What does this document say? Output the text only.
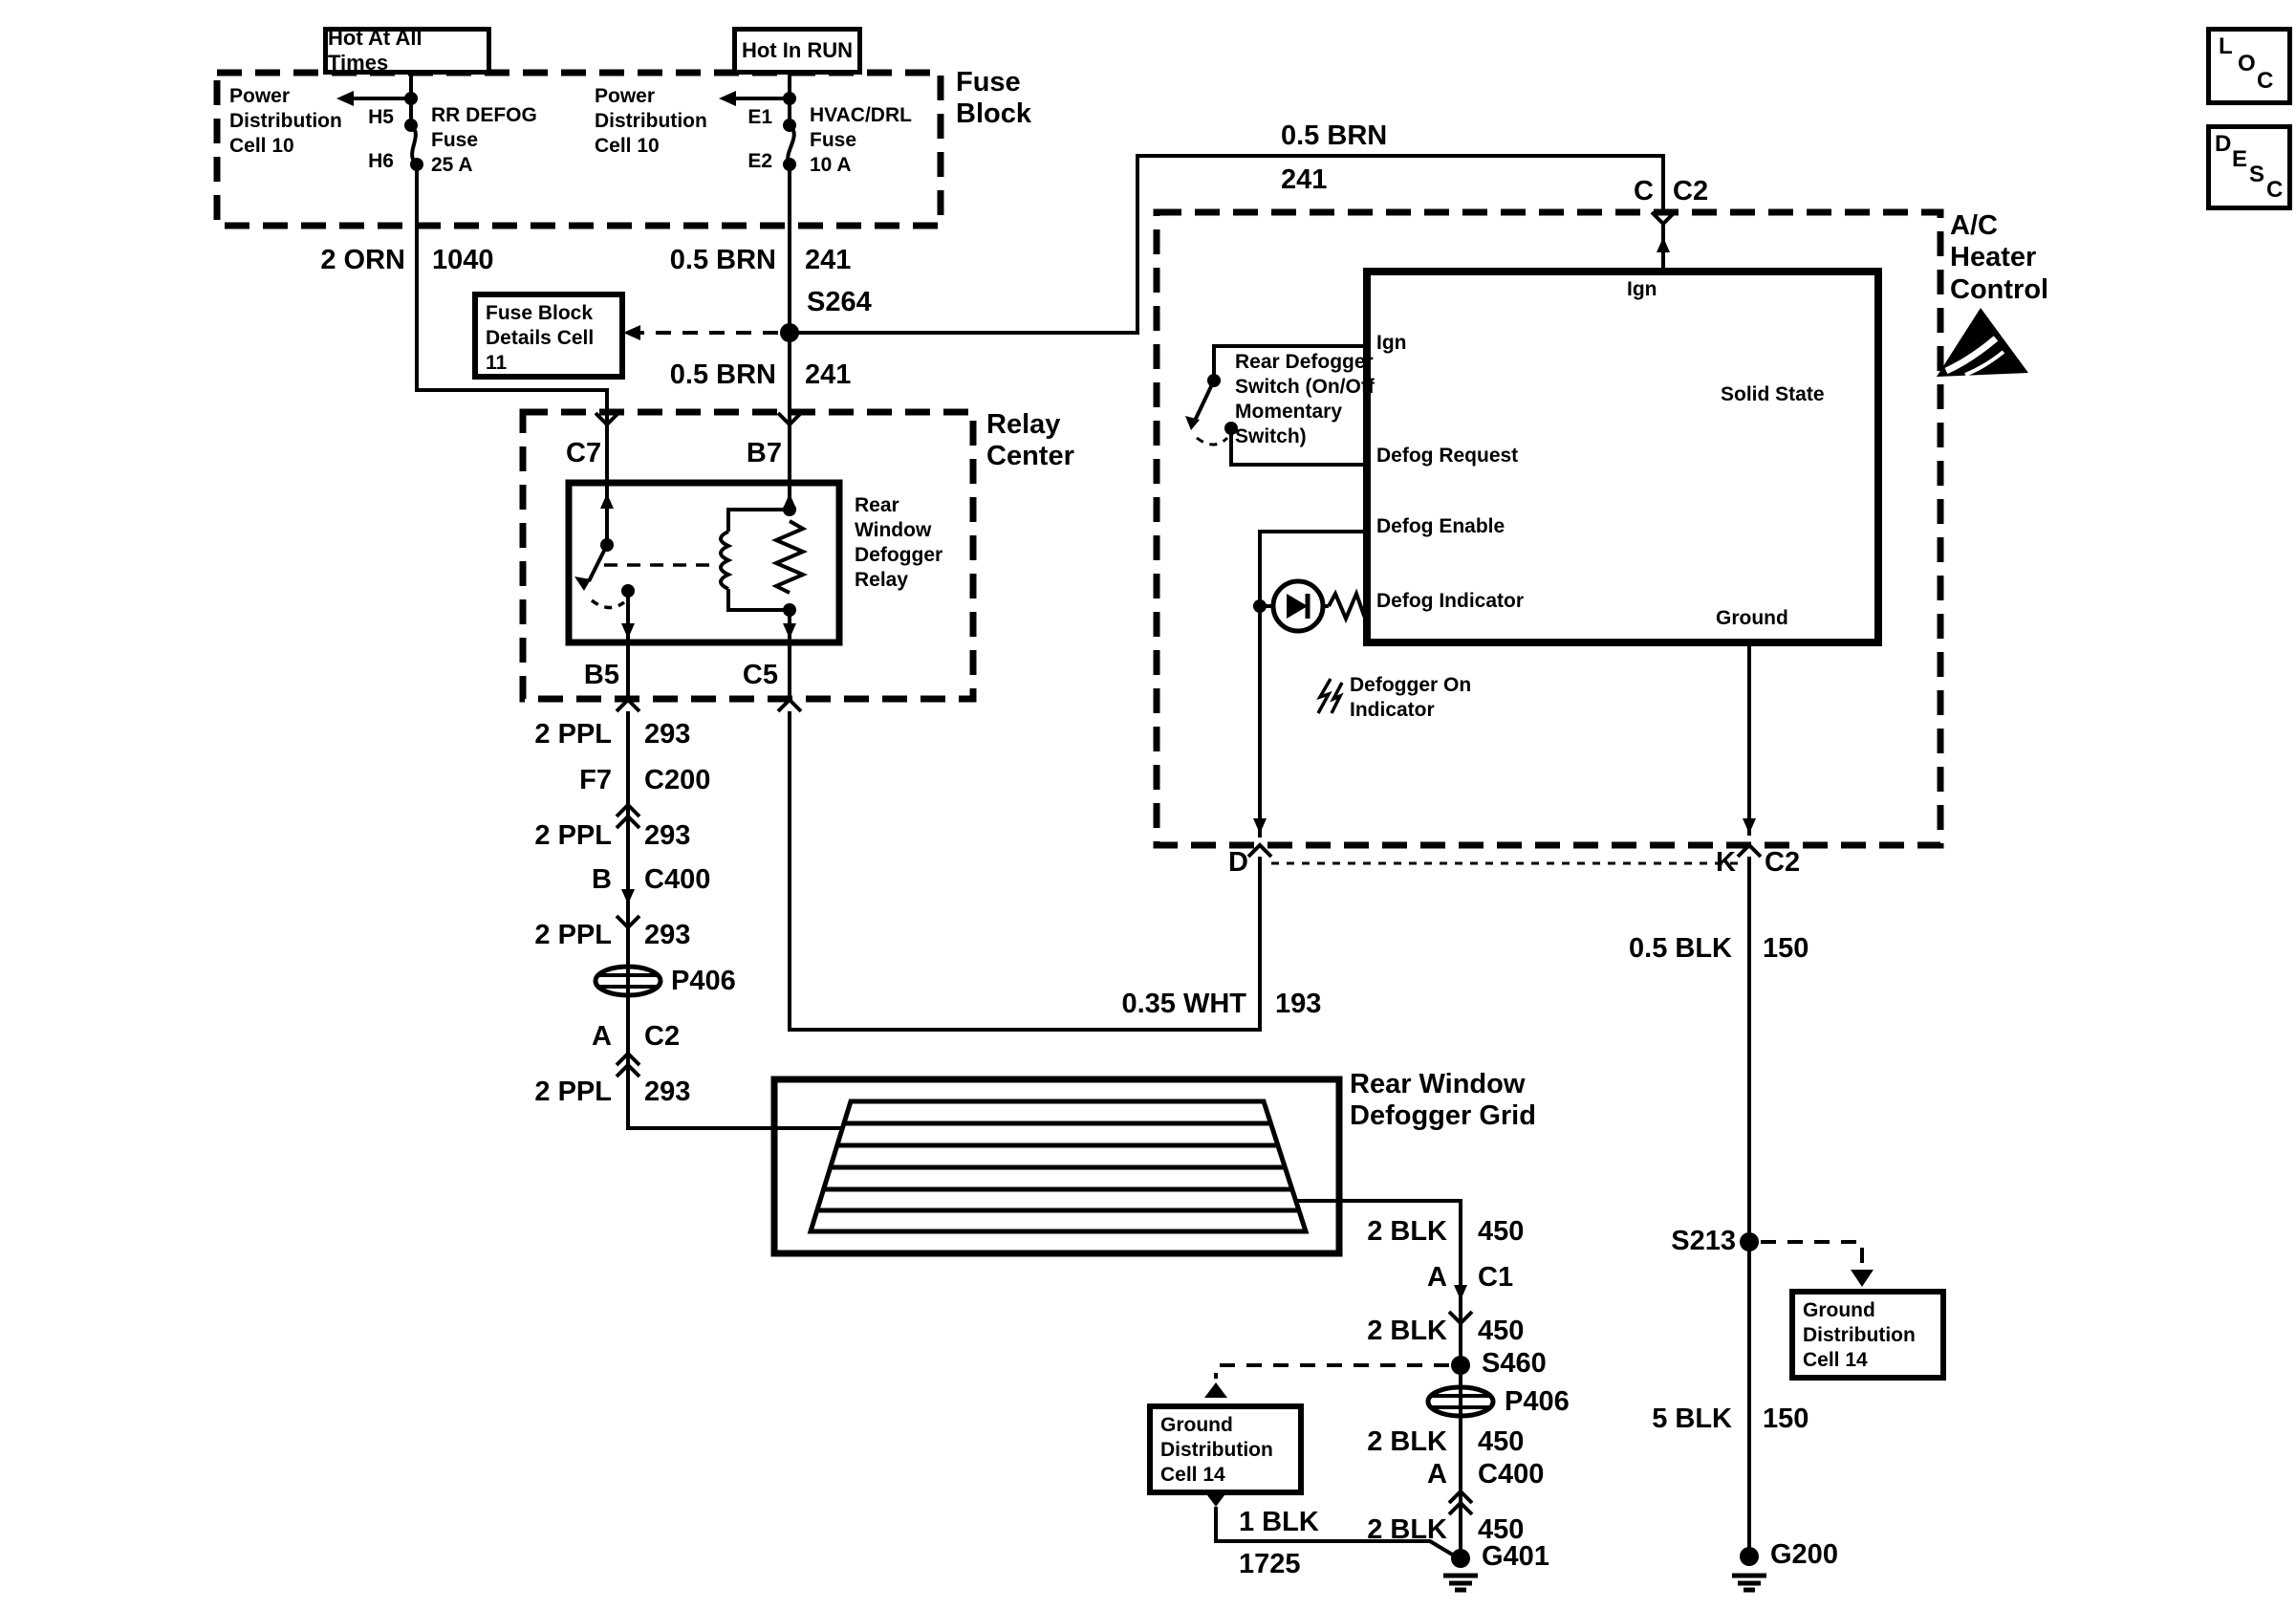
Hot At All Times
Hot In RUN
Fuse Block Details Cell 11
Ground Distribution Cell 14
Ground Distribution Cell 14
L
O
C
D
E
S
C
Power Distribution Cell 10
Power Distribution Cell 10
H5
H6
RR DEFOG
Fuse
25 A
E1
E2
HVAC/DRL
Fuse
10 A
Fuse Block
2 ORN 1040	0.5 BRN 241
S264
0.5 BRN 241
0.5 BRN
241	C C2
Relay Center
C7	B7
B5	C5
Rear Window Defogger Relay
2 PPL 293
F7 C200
2 PPL 293
B C400
2 PPL 293
P406
A C2
2 PPL 293
A/C Heater Control
Ign
Ign
Rear Defogger Switch (On/Off Momentary Switch)
Solid State
Defog Request
Defog Enable
Defog Indicator
Ground
Defogger On Indicator
D	K C2
0.35 WHT 193
0.5 BLK 150
S213
5 BLK 150
G200
Rear Window Defogger Grid
2 BLK 450
A C1
2 BLK 450
S460
P406
2 BLK 450
A C400
2 BLK 450
G401
1 BLK
1725
